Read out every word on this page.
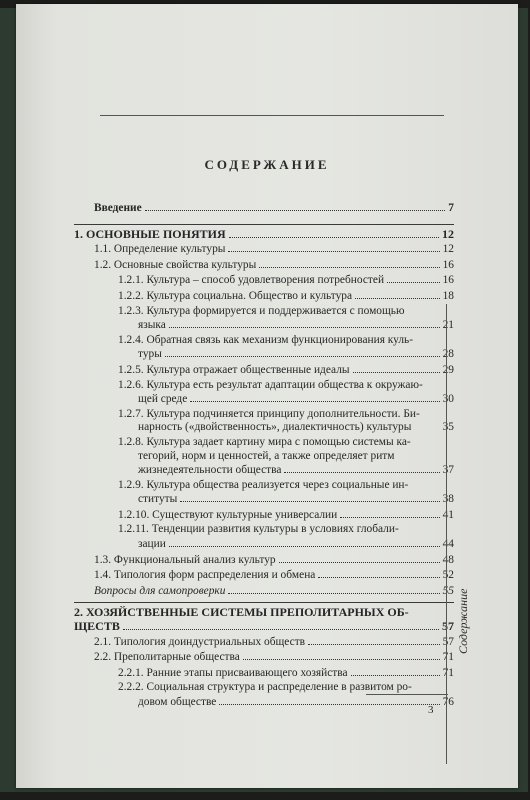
СОДЕРЖАНИЕ
Введение	7
1. ОСНОВНЫЕ ПОНЯТИЯ	12
1.1. Определение культуры	12
1.2. Основные свойства культуры	16
1.2.1. Культура – способ удовлетворения потребностей	16
1.2.2. Культура социальна. Общество и культура	18
1.2.3. Культура формируется и поддерживается с помощью
языка	21
1.2.4. Обратная связь как механизм функционирования куль-
туры	28
1.2.5. Культура отражает общественные идеалы	29
1.2.6. Культура есть результат адаптации общества к окружаю-
щей среде	30
1.2.7. Культура подчиняется принципу дополнительности. Би-
нарность («двойственность», диалектичность) культуры	35
1.2.8. Культура задает картину мира с помощью системы ка-
тегорий, норм и ценностей, а также определяет ритм
жизнедеятельности общества	37
1.2.9. Культура общества реализуется через социальные ин-
ституты	38
1.2.10. Существуют культурные универсалии	41
1.2.11. Тенденции развития культуры в условиях глобали-
зации	44
1.3. Функциональный анализ культур	48
1.4. Типология форм распределения и обмена	52
Вопросы для самопроверки	55
2. ХОЗЯЙСТВЕННЫЕ СИСТЕМЫ ПРЕПОЛИТАРНЫХ ОБ-
ЩЕСТВ	57
2.1. Типология доиндустриальных обществ	57
2.2. Преполитарные общества	71
2.2.1. Ранние этапы присваивающего хозяйства	71
2.2.2. Социальная структура и распределение в развитом ро-
довом обществе	76
Содержание
3
